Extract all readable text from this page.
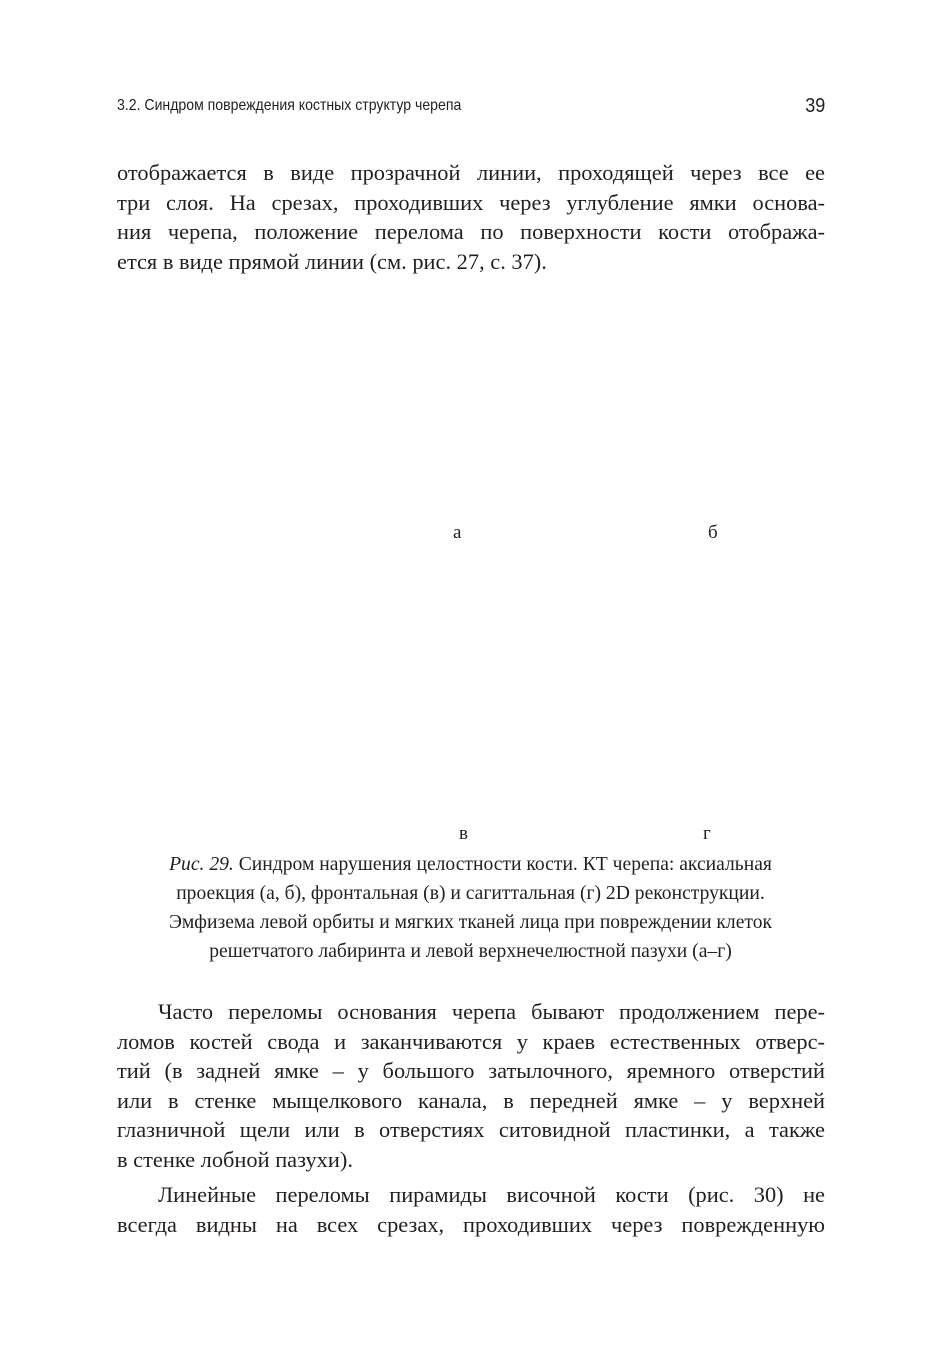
3.2. Синдром повреждения костных структур черепа	39

отображается в виде прозрачной линии, проходящей через все ее
три слоя. На срезах, проходивших через углубление ямки основа-
ния черепа, положение перелома по поверхности кости отобража-
ется в виде прямой линии (см. рис. 27, с. 37).

а	б
в	г

Рис. 29. Синдром нарушения целостности кости. КТ черепа: аксиальная
проекция (а, б), фронтальная (в) и сагиттальная (г) 2D реконструкции.
Эмфизема левой орбиты и мягких тканей лица при повреждении клеток
решетчатого лабиринта и левой верхнечелюстной пазухи (а–г)

Часто переломы основания черепа бывают продолжением пере-
ломов костей свода и заканчиваются у краев естественных отверс-
тий (в задней ямке – у большого затылочного, яремного отверстий
или в стенке мыщелкового канала, в передней ямке – у верхней
глазничной щели или в отверстиях ситовидной пластинки, а также
в стенке лобной пазухи).

Линейные переломы пирамиды височной кости (рис. 30) не
всегда видны на всех срезах, проходивших через поврежденную
